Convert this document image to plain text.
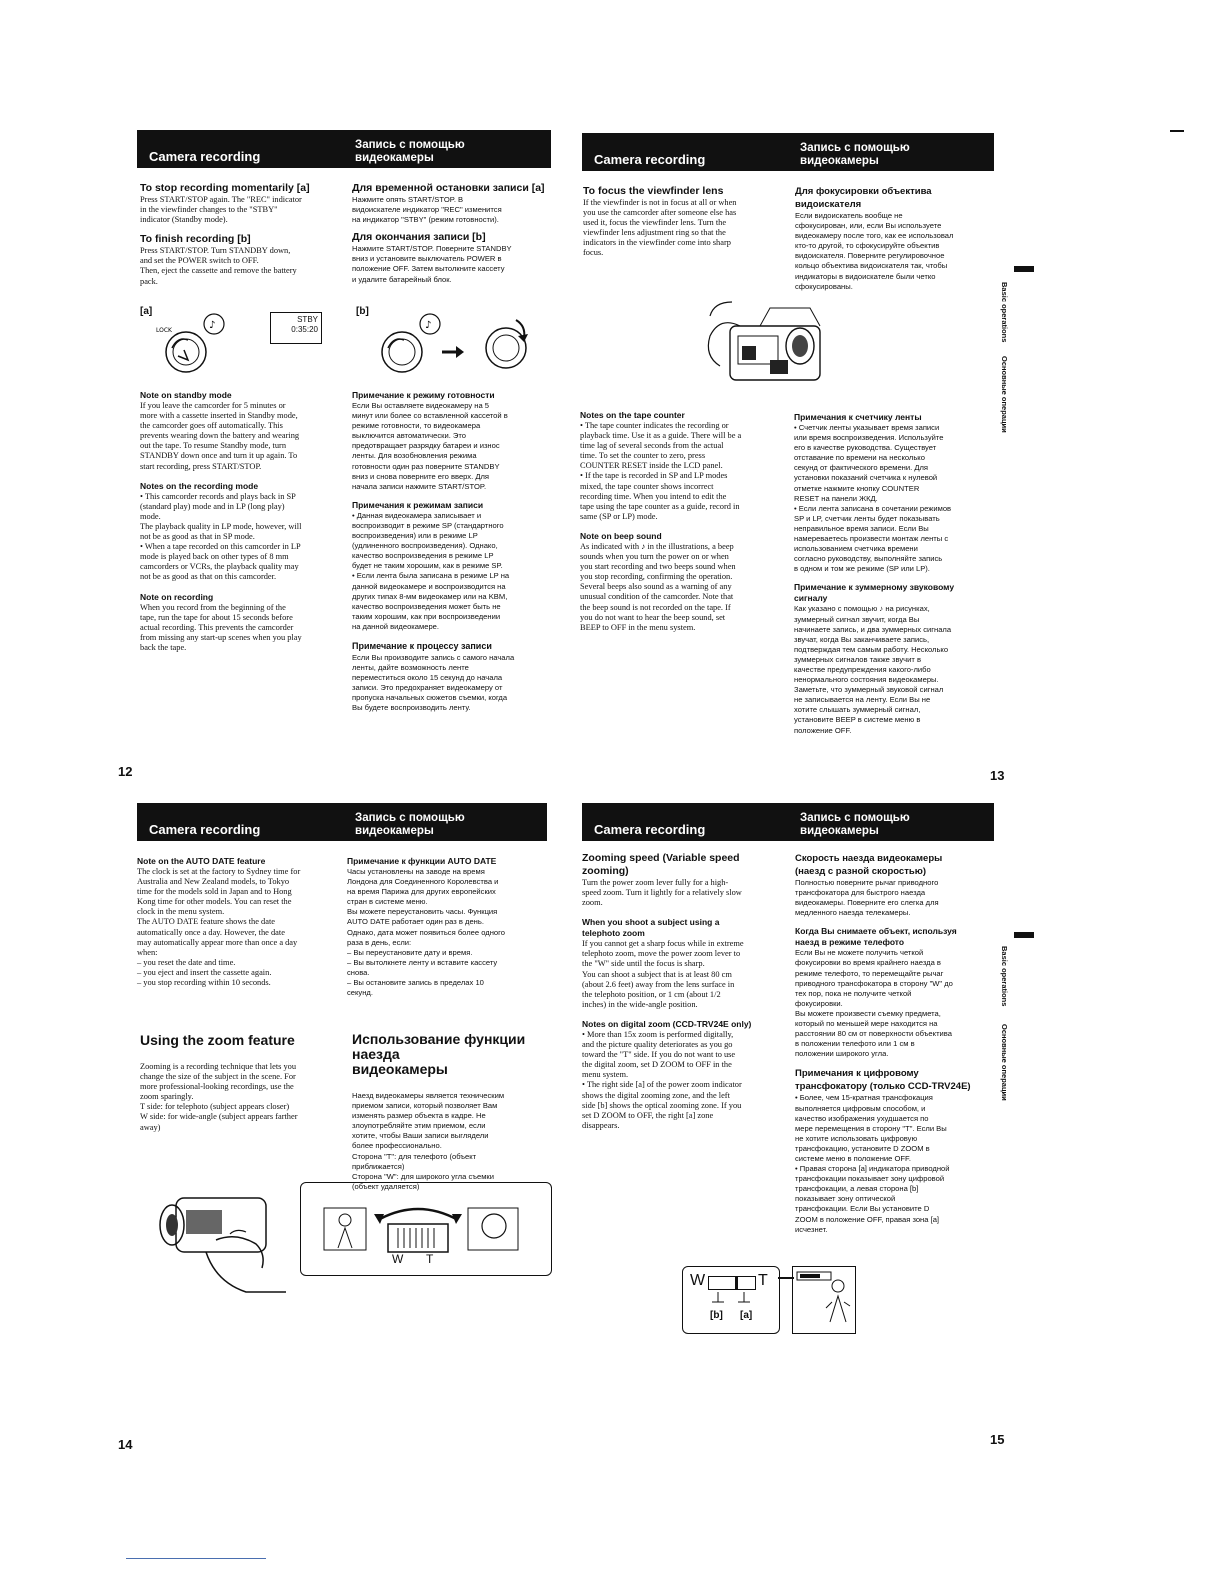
Camera recording
Запись с помощью
видеокамеры

To stop recording momentarily [a]

Press START/STOP again. The "REC" indicator
in the viewfinder changes to the "STBY"
indicator (Standby mode).

To finish recording [b]

Press START/STOP. Turn STANDBY down,
and set the POWER switch to OFF.
Then, eject the cassette and remove the battery
pack.

Для временной остановки записи [a]

Нажмите опять START/STOP. В
видоискателе индикатор "REC" изменится
на индикатор "STBY" (режим готовности).

Для окончания записи [b]

Нажмите START/STOP. Поверните STANDBY
вниз и установите выключатель POWER в
положение OFF. Затем вытолкните кассету
и удалите батарейный блок.

[a]	[b]
♪
LOCK
STBY
0:35:20	♪

Note on standby mode

If you leave the camcorder for 5 minutes or
more with a cassette inserted in Standby mode,
the camcorder goes off automatically. This
prevents wearing down the battery and wearing
out the tape. To resume Standby mode, turn
STANDBY down once and turn it up again. To
start recording, press START/STOP.

Notes on the recording mode

• This camcorder records and plays back in SP
(standard play) mode and in LP (long play)
mode.
The playback quality in LP mode, however, will
not be as good as that in SP mode.
• When a tape recorded on this camcorder in LP
mode is played back on other types of 8 mm
camcorders or VCRs, the playback quality may
not be as good as that on this camcorder.

Note on recording

When you record from the beginning of the
tape, run the tape for about 15 seconds before
actual recording. This prevents the camcorder
from missing any start-up scenes when you play
back the tape.

Примечание к режиму готовности

Если Вы оставляете видеокамеру на 5
минут или более со вставленной кассетой в
режиме готовности, то видеокамера
выключится автоматически. Это
предотвращает разрядку батареи и износ
ленты. Для возобновления режима
готовности один раз поверните STANDBY
вниз и снова поверните его вверх. Для
начала записи нажмите START/STOP.

Примечания к режимам записи

• Данная видеокамера записывает и
воспроизводит в режиме SP (стандартного
воспроизведения) или в режиме LP
(удлиненного воспроизведения). Однако,
качество воспроизведения в режиме LP
будет не таким хорошим, как в режиме SP.
• Если лента была записана в режиме LP на
данной видеокамере и воспроизводится на
других типах 8-мм видеокамер или на KBM,
качество воспроизведения может быть не
таким хорошим, как при воспроизведении
на данной видеокамере.

Примечание к процессу записи

Если Вы производите запись с самого начала
ленты, дайте возможность ленте
переместиться около 15 секунд до начала
записи. Это предохраняет видеокамеру от
пропуска начальных сюжетов съемки, когда
Вы будете воспроизводить ленту.

12
Camera recording
Запись с помощью
видеокамеры

To focus the viewfinder lens

If the viewfinder is not in focus at all or when
you use the camcorder after someone else has
used it, focus the viewfinder lens. Turn the
viewfinder lens adjustment ring so that the
indicators in the viewfinder come into sharp
focus.

Для фокусировки объектива
видоискателя

Если видоискатель вообще не
сфокусирован, или, если Вы используете
видеокамеру после того, как ее использовал
кто-то другой, то сфокусируйте объектив
видоискателя. Поверните регулировочное
кольцо объектива видоискателя так, чтобы
индикаторы в видоискателе были четко
сфокусированы.	Basic operations
Основные операции

Notes on the tape counter

• The tape counter indicates the recording or
playback time. Use it as a guide. There will be a
time lag of several seconds from the actual
time. To set the counter to zero, press
COUNTER RESET inside the LCD panel.
• If the tape is recorded in SP and LP modes
mixed, the tape counter shows incorrect
recording time. When you intend to edit the
tape using the tape counter as a guide, record in
same (SP or LP) mode.

Note on beep sound

As indicated with ♪ in the illustrations, a beep
sounds when you turn the power on or when
you start recording and two beeps sound when
you stop recording, confirming the operation.
Several beeps also sound as a warning of any
unusual condition of the camcorder. Note that
the beep sound is not recorded on the tape. If
you do not want to hear the beep sound, set
BEEP to OFF in the menu system.

Примечания к счетчику ленты

• Счетчик ленты указывает время записи
или время воспроизведения. Используйте
его в качестве руководства. Существует
отставание по времени на несколько
секунд от фактического времени. Для
установки показаний счетчика к нулевой
отметке нажмите кнопку COUNTER
RESET на панели ЖКД.
• Если лента записана в сочетании режимов
SP и LP, счетчик ленты будет показывать
неправильное время записи. Если Вы
намереваетесь произвести монтаж ленты с
использованием счетчика времени
согласно руководству, выполняйте запись
в одном и том же режиме (SP или LP).

Примечание к зуммерному звуковому
сигналу

Как указано с помощью ♪ на рисунках,
зуммерный сигнал звучит, когда Вы
начинаете запись, и два зуммерных сигнала
звучат, когда Вы заканчиваете запись,
подтверждая тем самым работу. Несколько
зуммерных сигналов также звучит в
качестве предупреждения какого-либо
ненормального состояния видеокамеры.
Заметьте, что зуммерный звуковой сигнал
не записывается на ленту. Если Вы не
хотите слышать зуммерный сигнал,
установите BEEP в системе меню в
положение OFF.

13
Camera recording
Запись с помощью
видеокамеры

Note on the AUTO DATE feature

The clock is set at the factory to Sydney time for
Australia and New Zealand models, to Tokyo
time for the models sold in Japan and to Hong
Kong time for other models. You can reset the
clock in the menu system.
The AUTO DATE feature shows the date
automatically once a day. However, the date
may automatically appear more than once a day
when:
– you reset the date and time.
– you eject and insert the cassette again.
– you stop recording within 10 seconds.

Примечание к функции AUTO DATE

Часы установлены на заводе на время
Лондона для Соединенного Королевства и
на время Парижа для других европейских
стран в системе меню.
Вы можете переустановить часы. Функция
AUTO DATE работает один раз в день.
Однако, дата может появиться более одного
раза в день, если:
– Вы переустановите дату и время.
– Вы вытолкнете ленту и вставите кассету
снова.
– Вы остановите запись в пределах 10
секунд.

Using the zoom feature

Zooming is a recording technique that lets you
change the size of the subject in the scene. For
more professional-looking recordings, use the
zoom sparingly.
T side: for telephoto (subject appears closer)
W side: for wide-angle (subject appears farther
away)

Использование функции наезда
видеокамеры

Наезд видеокамеры является техническим
приемом записи, который позволяет Вам
изменять размер объекта в кадре. Не
злоупотребляйте этим приемом, если
хотите, чтобы Ваши записи выглядели
более профессионально.
Сторона "T": для телефото (объект
приближается)
Сторона "W": для широкого угла съемки
(объект удаляется)

W T
14
Camera recording
Запись с помощью
видеокамеры

Zooming speed (Variable speed
zooming)

Turn the power zoom lever fully for a high-
speed zoom. Turn it lightly for a relatively slow
zoom.

When you shoot a subject using a
telephoto zoom

If you cannot get a sharp focus while in extreme
telephoto zoom, move the power zoom lever to
the "W" side until the focus is sharp.
You can shoot a subject that is at least 80 cm
(about 2.6 feet) away from the lens surface in
the telephoto position, or 1 cm (about 1/2
inches) in the wide-angle position.

Notes on digital zoom (CCD-TRV24E only)

• More than 15x zoom is performed digitally,
and the picture quality deteriorates as you go
toward the "T" side. If you do not want to use
the digital zoom, set D ZOOM to OFF in the
menu system.
• The right side [a] of the power zoom indicator
shows the digital zooming zone, and the left
side [b] shows the optical zooming zone. If you
set D ZOOM to OFF, the right [a] zone
disappears.

Скорость наезда видеокамеры
(наезд с разной скоростью)

Полностью поверните рычаг приводного
трансфокатора для быстрого наезда
видеокамеры. Поверните его слегка для
медленного наезда телекамеры.

Когда Вы снимаете объект, используя
наезд в режиме телефото

Если Вы не можете получить четкой
фокусировки во время крайнего наезда в
режиме телефото, то перемещайте рычаг
приводного трансфокатора в сторону "W" до
тех пор, пока не получите четкой
фокусировки.
Вы можете произвести съемку предмета,
который по меньшей мере находится на
расстоянии 80 см от поверхности объектива
в положении телефото или 1 см в
положении широкого угла.

Примечания к цифровому
трансфокатору (только CCD-TRV24E)

• Более, чем 15-кратная трансфокация
выполняется цифровым способом, и
качество изображения ухудшается по
мере перемещения в сторону "T". Если Вы
не хотите использовать цифровую
трансфокацию, установите D ZOOM в
системе меню в положение OFF.
• Правая сторона [a] индикатора приводной
трансфокации показывает зону цифровой
трансфокации, а левая сторона [b]
показывает зону оптической
трансфокации. Если Вы установите D
ZOOM в положение OFF, правая зона [a]
исчезнет.

Basic operations
Основные операции
W	T
[b] [a]
15
